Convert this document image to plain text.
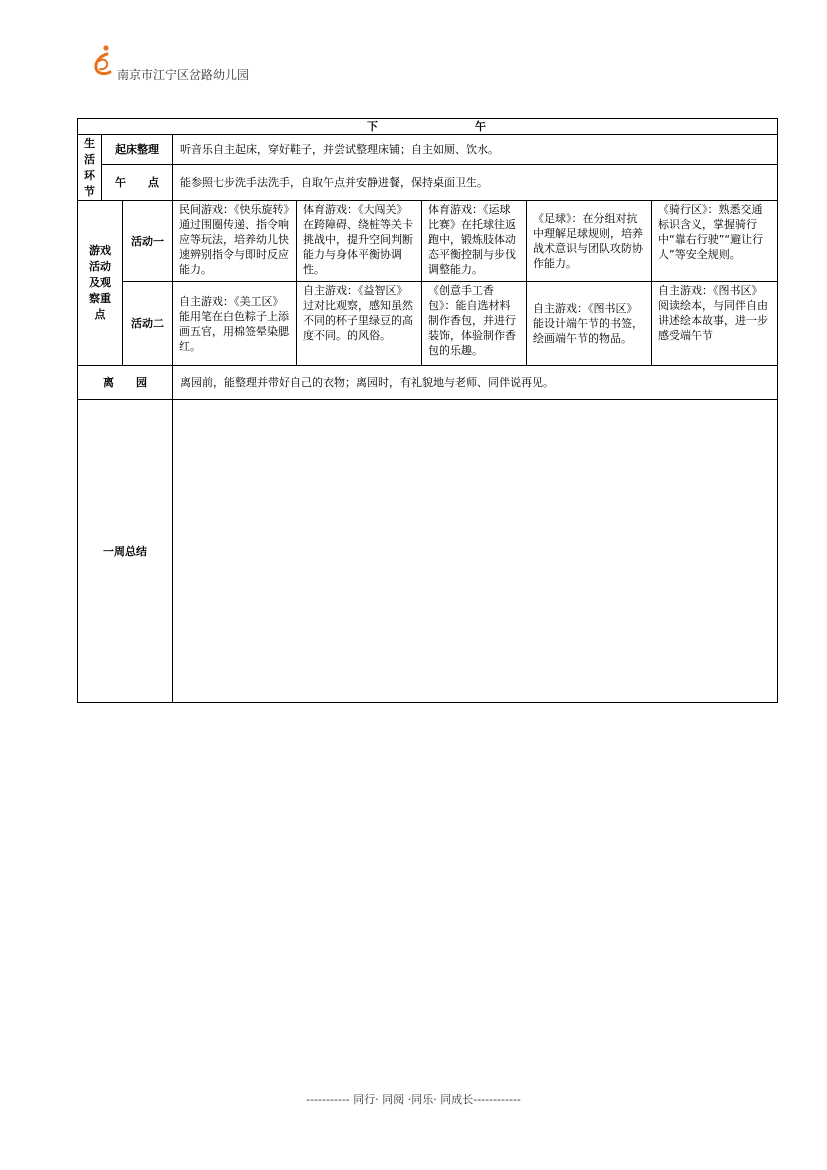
南京市江宁区岔路幼儿园
下 午							
生活环节	起床整理		听音乐自主起床，穿好鞋子，并尝试整理床铺；自主如厕、饮水。				
	午　　点		能参照七步洗手法洗手，自取午点并安静进餐，保持桌面卫生。				
游戏活动及观察重点		活动一	民间游戏：《快乐旋转》通过围圈传递、指令响应等玩法，培养幼儿快速辨别指令与即时反应能力。	体育游戏：《大闯关》在跨障碍、绕桩等关卡挑战中，提升空间判断能力与身体平衡协调性。	体育游戏：《运球比赛》在托球往返跑中，锻炼肢体动态平衡控制与步伐调整能力。	《足球》：在分组对抗中理解足球规则，培养战术意识与团队攻防协作能力。	《骑行区》：熟悉交通标识含义，掌握骑行中“靠右行驶”“避让行人”等安全规则。
		活动二	自主游戏：《美工区》能用笔在白色粽子上添画五官，用棉签晕染腮红。	自主游戏：《益智区》过对比观察，感知虽然不同的杯子里绿豆的高度不同。的风俗。	《创意手工香包》：能自选材料制作香包，并进行装饰，体验制作香包的乐趣。	自主游戏：《图书区》能设计端午节的书签，绘画端午节的物品。	自主游戏：《图书区》阅读绘本，与同伴自由讲述绘本故事，进一步感受端午节
离　　园			离园前，能整理并带好自己的衣物；离园时，有礼貌地与老师、同伴说再见。				
一周总结							
----------- 同行· 同阅 ·同乐· 同成长------------
